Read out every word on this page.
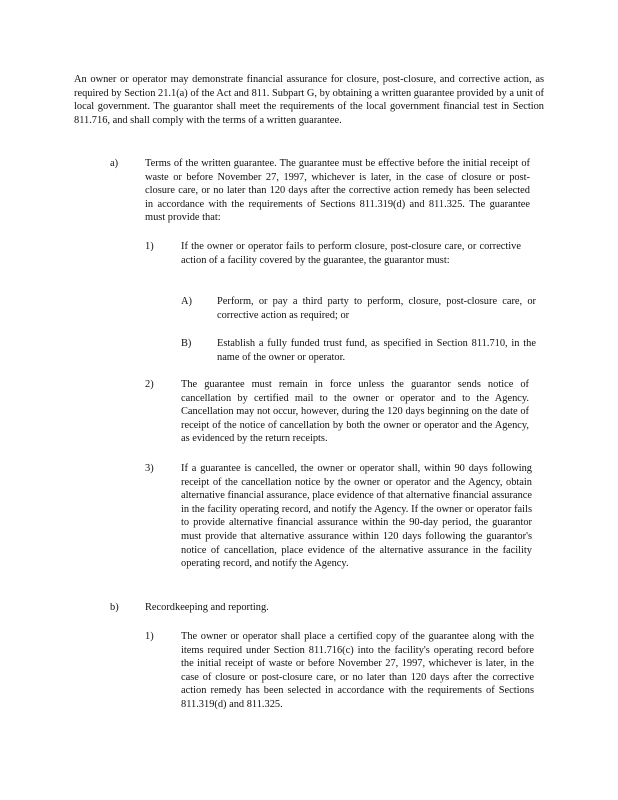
An owner or operator may demonstrate financial assurance for closure, post-closure, and corrective action, as required by Section 21.1(a) of the Act and 811. Subpart G, by obtaining a written guarantee provided by a unit of local government. The guarantor shall meet the requirements of the local government financial test in Section 811.716, and shall comply with the terms of a written guarantee.

a)	Terms of the written guarantee. The guarantee must be effective before the initial receipt of waste or before November 27, 1997, whichever is later, in the case of closure or post-closure care, or no later than 120 days after the corrective action remedy has been selected in accordance with the requirements of Sections 811.319(d) and 811.325. The guarantee must provide that:

1)	If the owner or operator fails to perform closure, post-closure care, or corrective action of a facility covered by the guarantee, the guarantor must:

A) Perform, or pay a third party to perform, closure, post-closure care, or corrective action as required; or

B) Establish a fully funded trust fund, as specified in Section 811.710, in the name of the owner or operator.

2)	The guarantee must remain in force unless the guarantor sends notice of cancellation by certified mail to the owner or operator and to the Agency. Cancellation may not occur, however, during the 120 days beginning on the date of receipt of the notice of cancellation by both the owner or operator and the Agency, as evidenced by the return receipts.

3)	If a guarantee is cancelled, the owner or operator shall, within 90 days following receipt of the cancellation notice by the owner or operator and the Agency, obtain alternative financial assurance, place evidence of that alternative financial assurance in the facility operating record, and notify the Agency. If the owner or operator fails to provide alternative financial assurance within the 90-day period, the guarantor must provide that alternative assurance within 120 days following the guarantor's notice of cancellation, place evidence of the alternative assurance in the facility operating record, and notify the Agency.

b)	Recordkeeping and reporting.

1)	The owner or operator shall place a certified copy of the guarantee along with the items required under Section 811.716(c) into the facility's operating record before the initial receipt of waste or before November 27, 1997, whichever is later, in the case of closure or post-closure care, or no later than 120 days after the corrective action remedy has been selected in accordance with the requirements of Sections 811.319(d) and 811.325.
